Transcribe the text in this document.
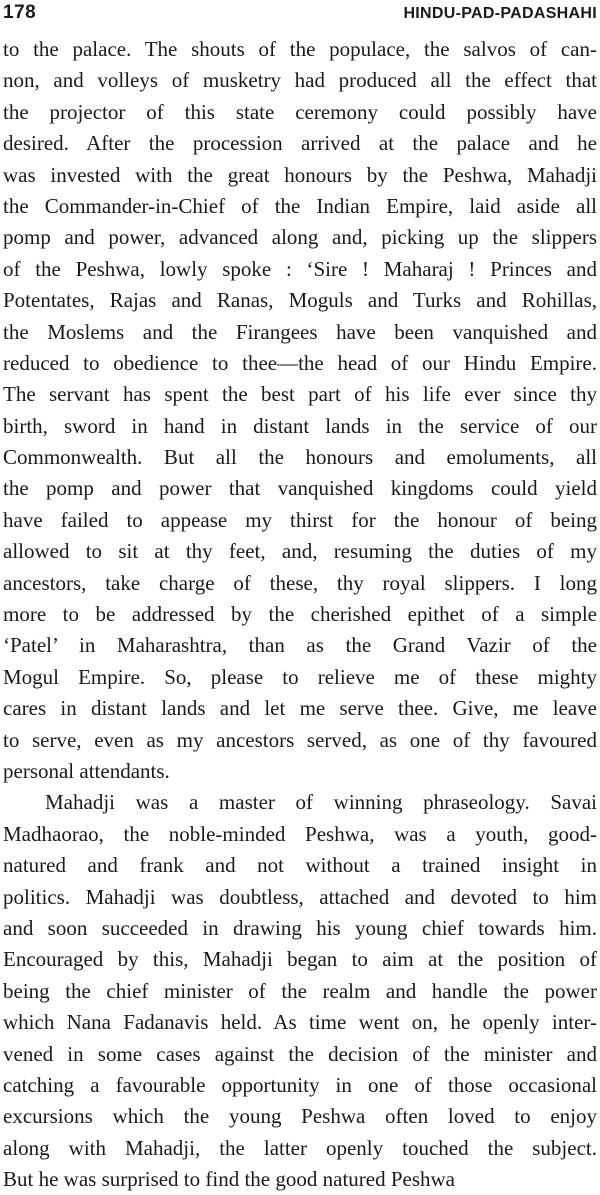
178	HINDU-PAD-PADASHAHI
to the palace. The shouts of the populace, the salvos of can-
non, and volleys of musketry had produced all the effect that
the projector of this state ceremony could possibly have
desired. After the procession arrived at the palace and he
was invested with the great honours by the Peshwa, Mahadji
the Commander-in-Chief of the Indian Empire, laid aside all
pomp and power, advanced along and, picking up the slippers
of the Peshwa, lowly spoke : ‘Sire ! Maharaj ! Princes and
Potentates, Rajas and Ranas, Moguls and Turks and Rohillas,
the Moslems and the Firangees have been vanquished and
reduced to obedience to thee—the head of our Hindu Empire.
The servant has spent the best part of his life ever since thy
birth, sword in hand in distant lands in the service of our
Commonwealth. But all the honours and emoluments, all
the pomp and power that vanquished kingdoms could yield
have failed to appease my thirst for the honour of being
allowed to sit at thy feet, and, resuming the duties of my
ancestors, take charge of these, thy royal slippers. I long
more to be addressed by the cherished epithet of a simple
‘Patel’ in Maharashtra, than as the Grand Vazir of the
Mogul Empire. So, please to relieve me of these mighty
cares in distant lands and let me serve thee. Give, me leave
to serve, even as my ancestors served, as one of thy favoured
personal attendants.
Mahadji was a master of winning phraseology. Savai
Madhaorao, the noble-minded Peshwa, was a youth, good-
natured and frank and not without a trained insight in
politics. Mahadji was doubtless, attached and devoted to him
and soon succeeded in drawing his young chief towards him.
Encouraged by this, Mahadji began to aim at the position of
being the chief minister of the realm and handle the power
which Nana Fadanavis held. As time went on, he openly inter-
vened in some cases against the decision of the minister and
catching a favourable opportunity in one of those occasional
excursions which the young Peshwa often loved to enjoy
along with Mahadji, the latter openly touched the subject.
But he was surprised to find the good natured Peshwa
